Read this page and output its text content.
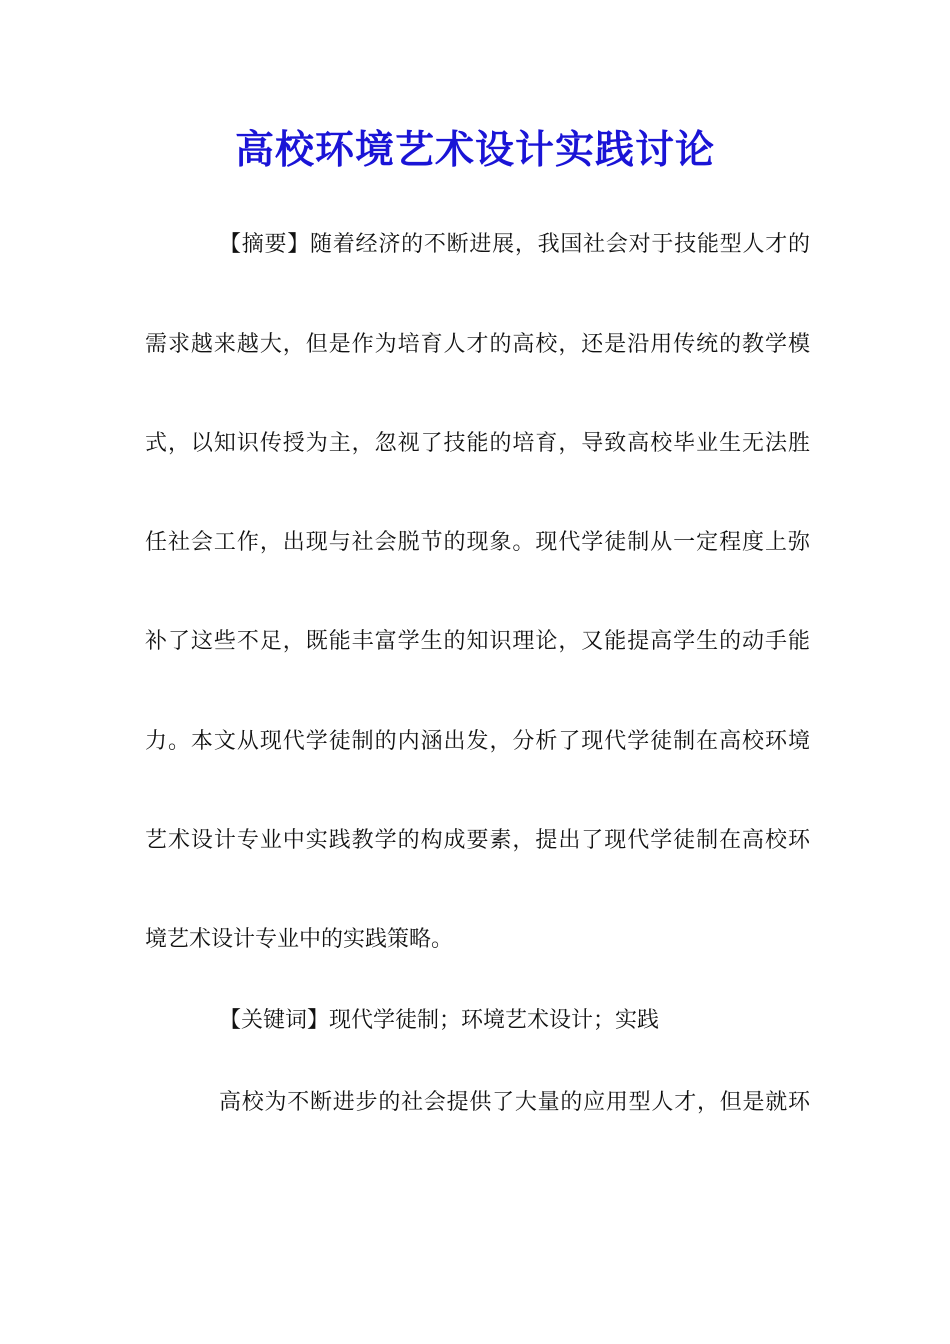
高校环境艺术设计实践讨论
【摘要】随着经济的不断进展，我国社会对于技能型人才的
需求越来越大，但是作为培育人才的高校，还是沿用传统的教学模
式，以知识传授为主，忽视了技能的培育，导致高校毕业生无法胜
任社会工作，出现与社会脱节的现象。现代学徒制从一定程度上弥
补了这些不足，既能丰富学生的知识理论，又能提高学生的动手能
力。本文从现代学徒制的内涵出发，分析了现代学徒制在高校环境
艺术设计专业中实践教学的构成要素，提出了现代学徒制在高校环
境艺术设计专业中的实践策略。
【关键词】现代学徒制；环境艺术设计；实践
高校为不断进步的社会提供了大量的应用型人才，但是就环
